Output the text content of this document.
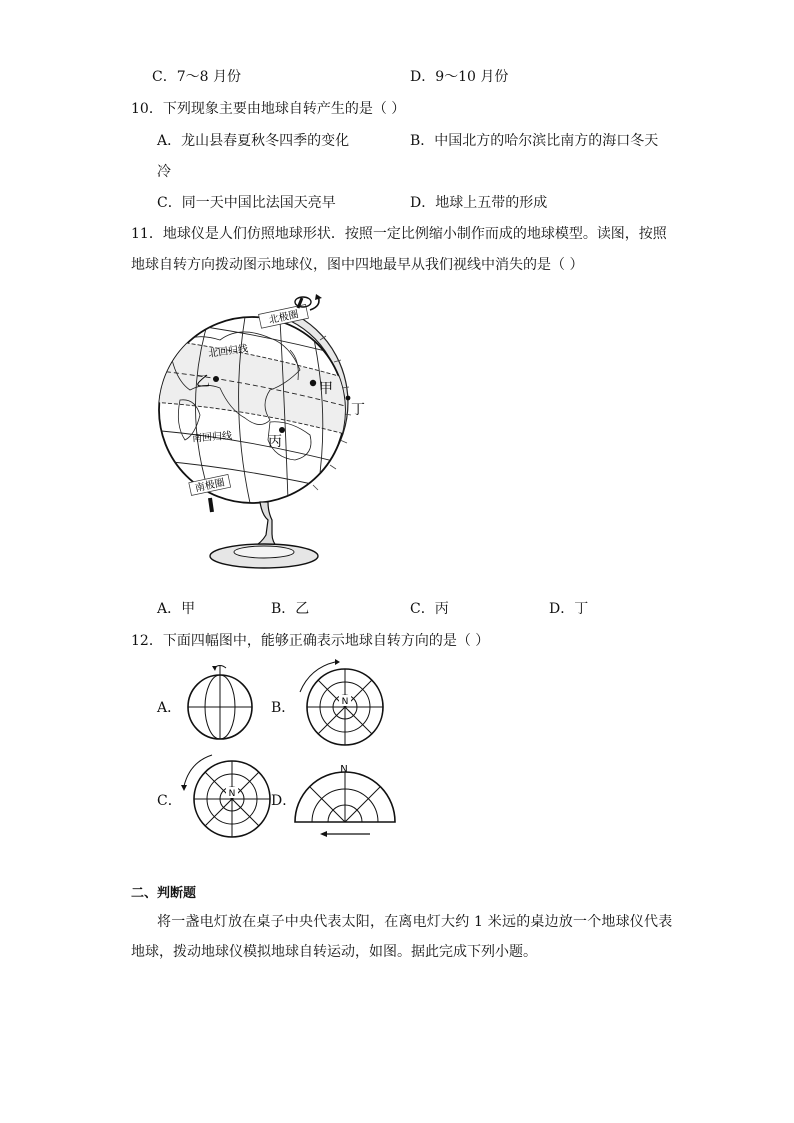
C．7～8 月份	D．9～10 月份
10．下列现象主要由地球自转产生的是（ ）
A．龙山县春夏秋冬四季的变化	B．中国北方的哈尔滨比南方的海口冬天
冷
C．同一天中国比法国天亮早	D．地球上五带的形成
11．地球仪是人们仿照地球形状．按照一定比例缩小制作而成的地球模型。读图，按照
地球自转方向拨动图示地球仪，图中四地最早从我们视线中消失的是（ ）
北极圈
北回归线
南回归线
南极圈
乙	甲
丁
丙
A．甲	B．乙	C．丙	D．丁
12．下面四幅图中，能够正确表示地球自转方向的是（ ）
A．	B．	N
C．	N	D．
N
二、判断题
将一盏电灯放在桌子中央代表太阳，在离电灯大约 1 米远的桌边放一个地球仪代表
地球，拨动地球仪模拟地球自转运动，如图。据此完成下列小题。
